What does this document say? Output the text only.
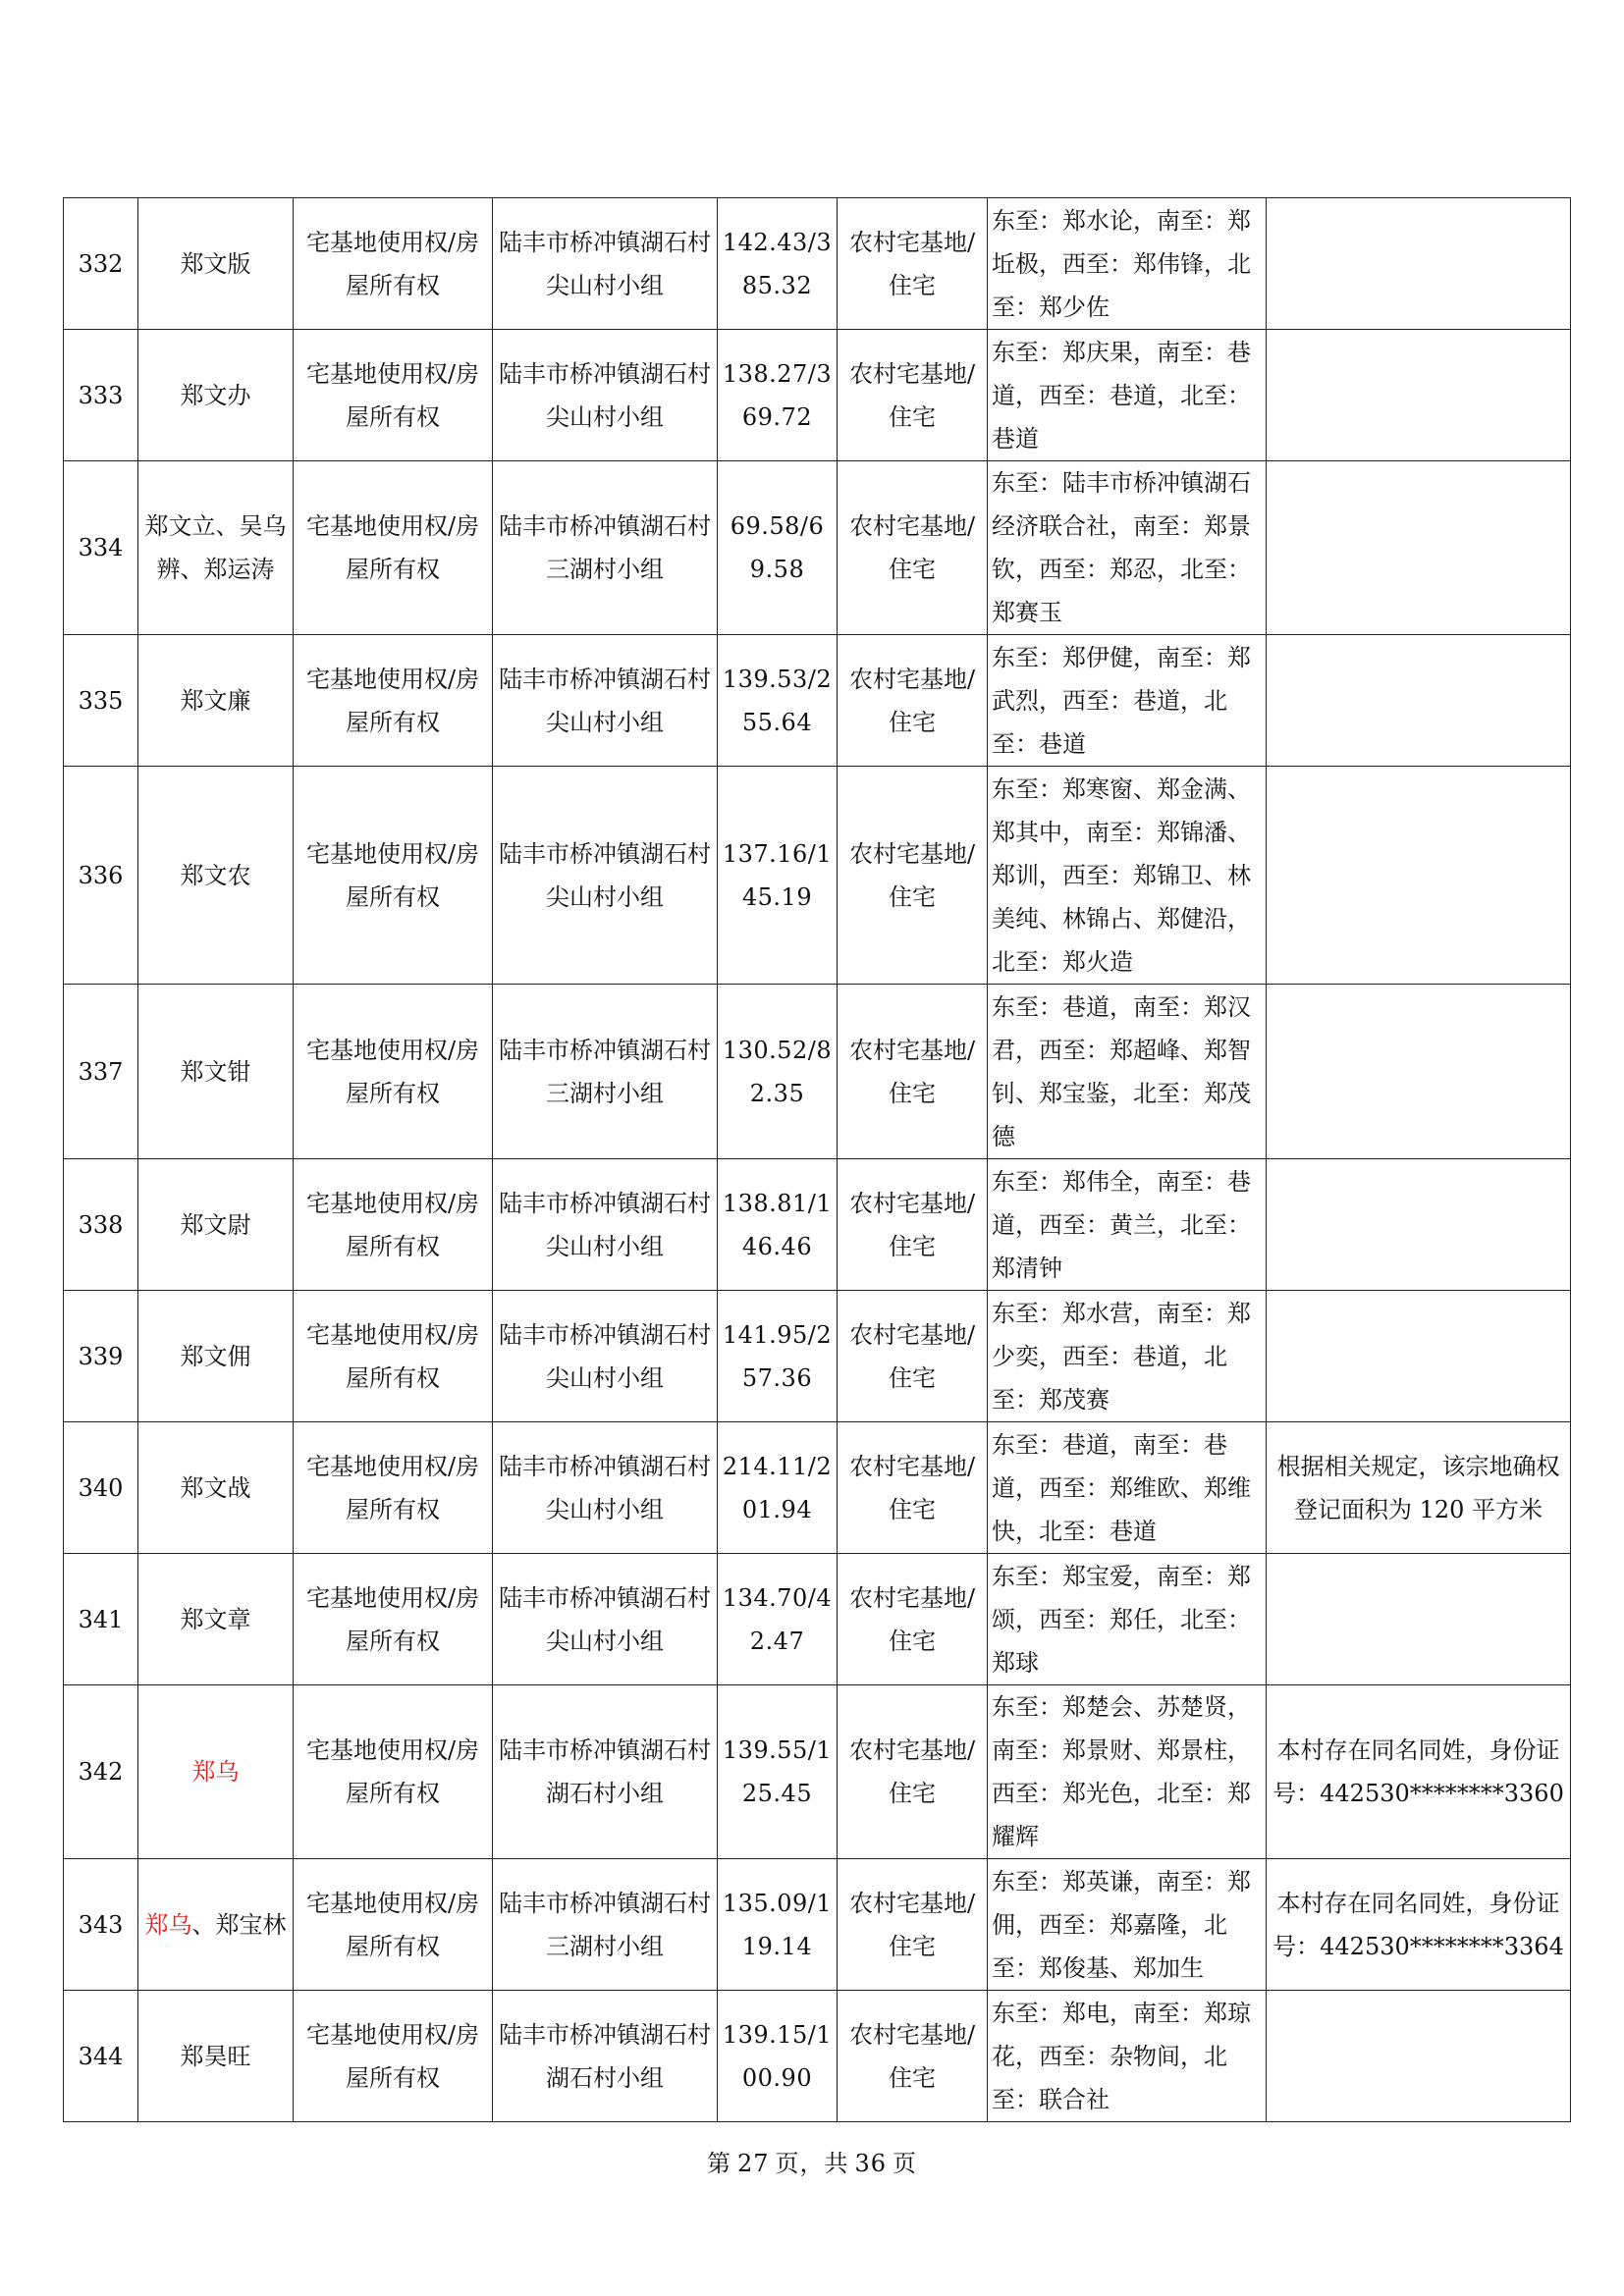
332	郑文版	宅基地使用权/房屋所有权	陆丰市桥冲镇湖石村尖山村小组	142.43/385.32	农村宅基地/住宅	东至：郑水论，南至：郑坵极，西至：郑伟锋，北至：郑少佐	
333	郑文办	宅基地使用权/房屋所有权	陆丰市桥冲镇湖石村尖山村小组	138.27/369.72	农村宅基地/住宅	东至：郑庆果，南至：巷道，西至：巷道，北至：巷道	
334	郑文立、吴乌辨、郑运涛	宅基地使用权/房屋所有权	陆丰市桥冲镇湖石村三湖村小组	69.58/69.58	农村宅基地/住宅	东至：陆丰市桥冲镇湖石经济联合社，南至：郑景钦，西至：郑忍，北至：郑赛玉	
335	郑文廉	宅基地使用权/房屋所有权	陆丰市桥冲镇湖石村尖山村小组	139.53/255.64	农村宅基地/住宅	东至：郑伊健，南至：郑武烈，西至：巷道，北至：巷道	
336	郑文农	宅基地使用权/房屋所有权	陆丰市桥冲镇湖石村尖山村小组	137.16/145.19	农村宅基地/住宅	东至：郑寒窗、郑金满、郑其中，南至：郑锦潘、郑训，西至：郑锦卫、林美纯、林锦占、郑健沿，北至：郑火造	
337	郑文钳	宅基地使用权/房屋所有权	陆丰市桥冲镇湖石村三湖村小组	130.52/82.35	农村宅基地/住宅	东至：巷道，南至：郑汉君，西至：郑超峰、郑智钊、郑宝鉴，北至：郑茂德	
338	郑文尉	宅基地使用权/房屋所有权	陆丰市桥冲镇湖石村尖山村小组	138.81/146.46	农村宅基地/住宅	东至：郑伟全，南至：巷道，西至：黄兰，北至：郑清钟	
339	郑文佣	宅基地使用权/房屋所有权	陆丰市桥冲镇湖石村尖山村小组	141.95/257.36	农村宅基地/住宅	东至：郑水营，南至：郑少奕，西至：巷道，北至：郑茂赛	
340	郑文战	宅基地使用权/房屋所有权	陆丰市桥冲镇湖石村尖山村小组	214.11/201.94	农村宅基地/住宅	东至：巷道，南至：巷道，西至：郑维欧、郑维快，北至：巷道	根据相关规定，该宗地确权登记面积为 120 平方米
341	郑文章	宅基地使用权/房屋所有权	陆丰市桥冲镇湖石村尖山村小组	134.70/42.47	农村宅基地/住宅	东至：郑宝爱，南至：郑颂，西至：郑任，北至：郑球	
342	郑乌	宅基地使用权/房屋所有权	陆丰市桥冲镇湖石村湖石村小组	139.55/125.45	农村宅基地/住宅	东至：郑楚会、苏楚贤，南至：郑景财、郑景柱，西至：郑光色，北至：郑耀辉	本村存在同名同姓，身份证号：442530********3360
343	郑乌、郑宝林	宅基地使用权/房屋所有权	陆丰市桥冲镇湖石村三湖村小组	135.09/119.14	农村宅基地/住宅	东至：郑英谦，南至：郑佣，西至：郑嘉隆，北至：郑俊基、郑加生	本村存在同名同姓，身份证号：442530********3364
344	郑昊旺	宅基地使用权/房屋所有权	陆丰市桥冲镇湖石村湖石村小组	139.15/100.90	农村宅基地/住宅	东至：郑电，南至：郑琼花，西至：杂物间，北至：联合社	
第 27 页，共 36 页
